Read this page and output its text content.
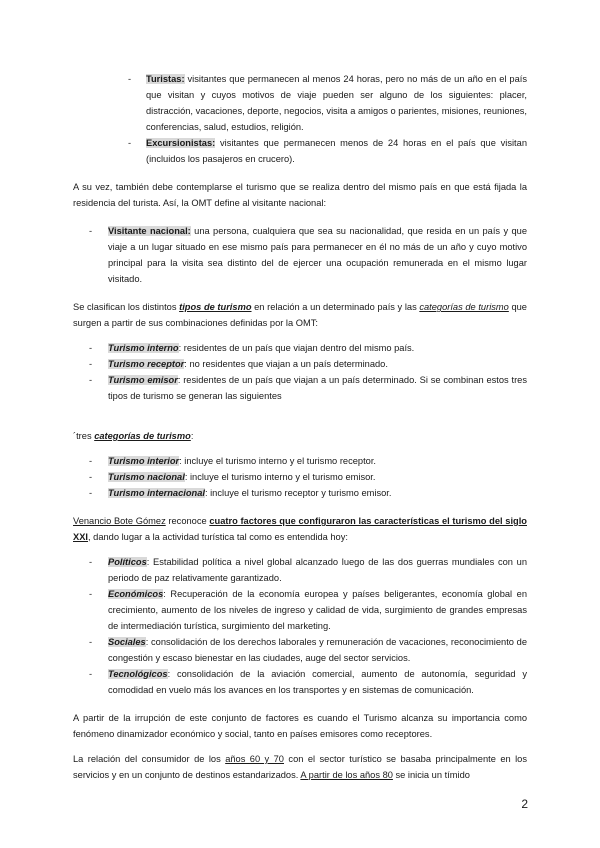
- Turistas: visitantes que permanecen al menos 24 horas, pero no más de un año en el país que visitan y cuyos motivos de viaje pueden ser alguno de los siguientes: placer, distracción, vacaciones, deporte, negocios, visita a amigos o parientes, misiones, reuniones, conferencias, salud, estudios, religión.
- Excursionistas: visitantes que permanecen menos de 24 horas en el país que visitan (incluidos los pasajeros en crucero).

A su vez, también debe contemplarse el turismo que se realiza dentro del mismo país en que está fijada la residencia del turista. Así, la OMT define al visitante nacional:

- Visitante nacional: una persona, cualquiera que sea su nacionalidad, que resida en un país y que viaje a un lugar situado en ese mismo país para permanecer en él no más de un año y cuyo motivo principal para la visita sea distinto del de ejercer una ocupación remunerada en el mismo lugar visitado.

Se clasifican los distintos tipos de turismo en relación a un determinado país y las categorías de turismo que surgen a partir de sus combinaciones definidas por la OMT:

- Turismo interno: residentes de un país que viajan dentro del mismo país.
- Turismo receptor: no residentes que viajan a un país determinado.
- Turismo emisor: residentes de un país que viajan a un país determinado. Si se combinan estos tres tipos de turismo se generan las siguientes

´tres categorías de turismo:

- Turismo interior: incluye el turismo interno y el turismo receptor.
- Turismo nacional: incluye el turismo interno y el turismo emisor.
- Turismo internacional: incluye el turismo receptor y turismo emisor.

Venancio Bote Gómez reconoce cuatro factores que configuraron las características el turismo del siglo XXI, dando lugar a la actividad turística tal como es entendida hoy:

- Políticos: Estabilidad política a nivel global alcanzado luego de las dos guerras mundiales con un periodo de paz relativamente garantizado.
- Económicos: Recuperación de la economía europea y países beligerantes, economía global en crecimiento, aumento de los niveles de ingreso y calidad de vida, surgimiento de grandes empresas de intermediación turística, surgimiento del marketing.
- Sociales: consolidación de los derechos laborales y remuneración de vacaciones, reconocimiento de congestión y escaso bienestar en las ciudades, auge del sector servicios.
- Tecnológicos: consolidación de la aviación comercial, aumento de autonomía, seguridad y comodidad en vuelo más los avances en los transportes y en sistemas de comunicación.

A partir de la irrupción de este conjunto de factores es cuando el Turismo alcanza su importancia como fenómeno dinamizador económico y social, tanto en países emisores como receptores.

La relación del consumidor de los años 60 y 70 con el sector turístico se basaba principalmente en los servicios y en un conjunto de destinos estandarizados. A partir de los años 80 se inicia un tímido

2
